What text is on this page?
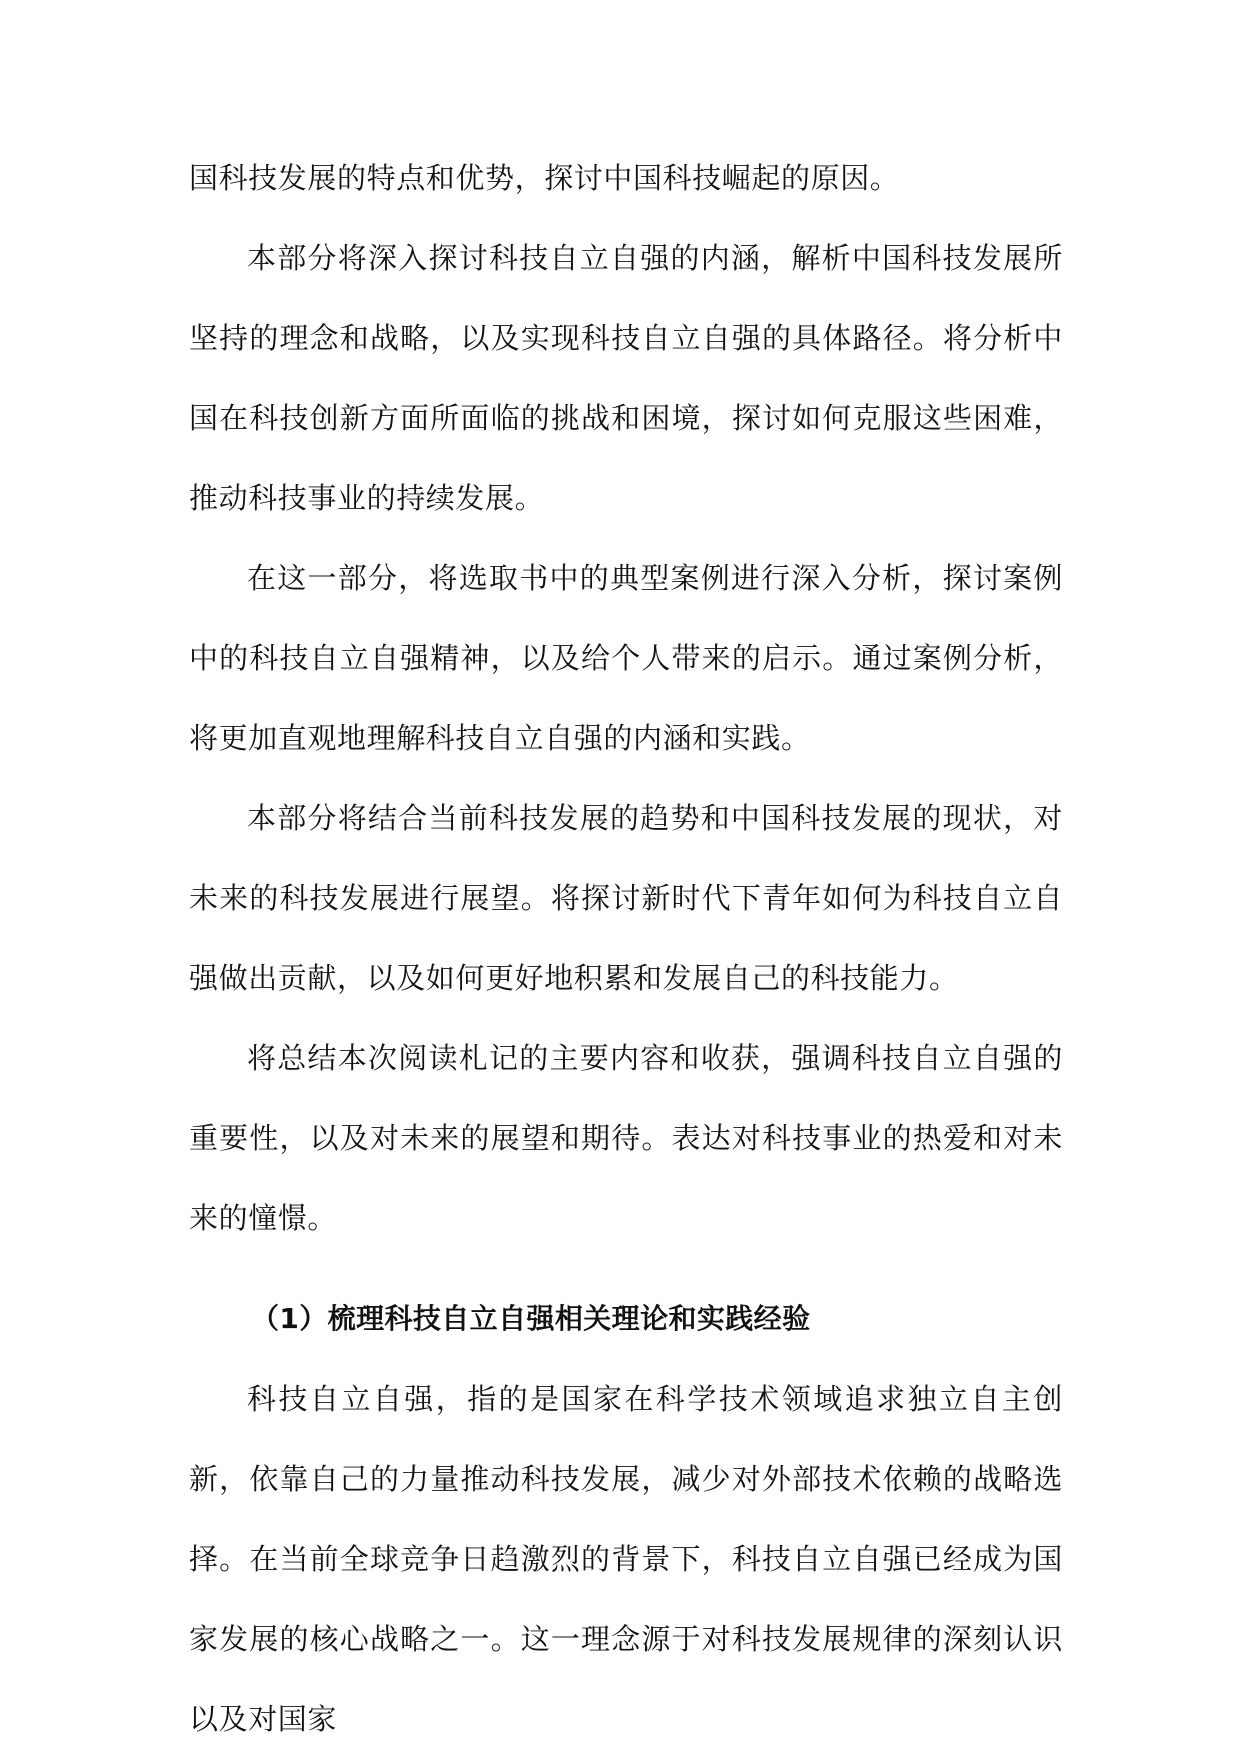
国科技发展的特点和优势，探讨中国科技崛起的原因。

本部分将深入探讨科技自立自强的内涵，解析中国科技发展所坚持的理念和战略，以及实现科技自立自强的具体路径。将分析中国在科技创新方面所面临的挑战和困境，探讨如何克服这些困难，推动科技事业的持续发展。

在这一部分，将选取书中的典型案例进行深入分析，探讨案例中的科技自立自强精神，以及给个人带来的启示。通过案例分析，将更加直观地理解科技自立自强的内涵和实践。

本部分将结合当前科技发展的趋势和中国科技发展的现状，对未来的科技发展进行展望。将探讨新时代下青年如何为科技自立自强做出贡献，以及如何更好地积累和发展自己的科技能力。

将总结本次阅读札记的主要内容和收获，强调科技自立自强的重要性，以及对未来的展望和期待。表达对科技事业的热爱和对未来的憧憬。

（1）梳理科技自立自强相关理论和实践经验

科技自立自强，指的是国家在科学技术领域追求独立自主创新，依靠自己的力量推动科技发展，减少对外部技术依赖的战略选择。在当前全球竞争日趋激烈的背景下，科技自立自强已经成为国家发展的核心战略之一。这一理念源于对科技发展规律的深刻认识以及对国家
